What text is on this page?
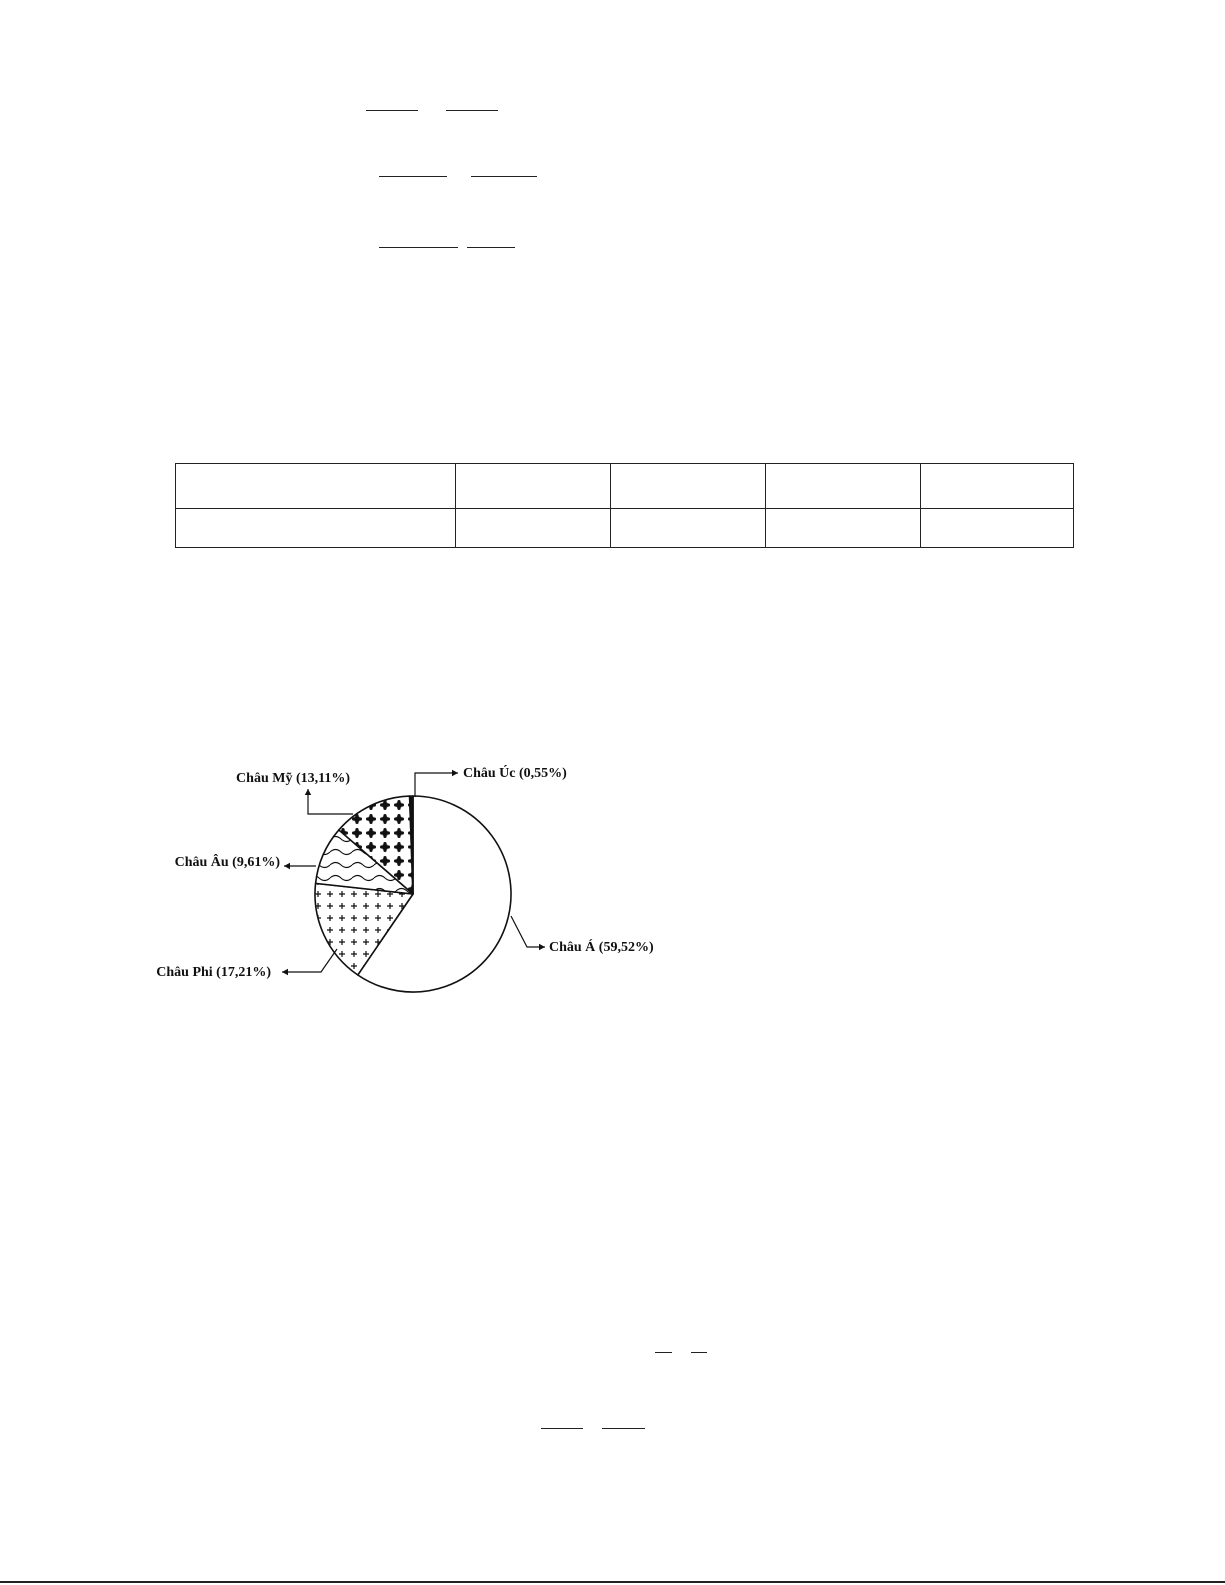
Châu Á (59,52%)
Châu Phi (17,21%)
Châu Âu (9,61%)
Châu Mỹ (13,11%)	Châu Úc (0,55%)
